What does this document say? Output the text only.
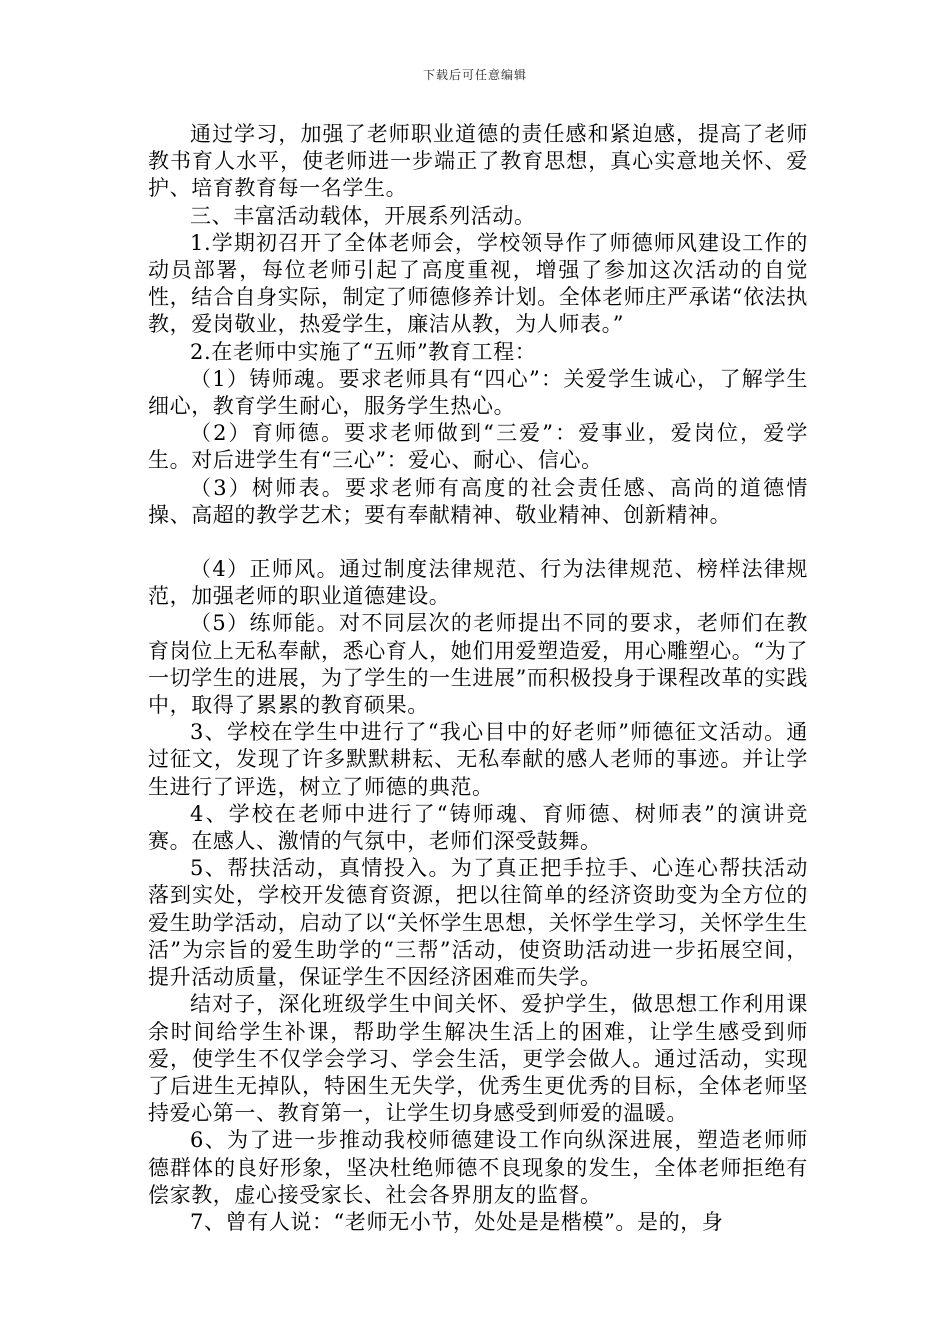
下载后可任意编辑

通过学习，加强了老师职业道德的责任感和紧迫感，提高了老师教书育人水平，使老师进一步端正了教育思想，真心实意地关怀、爱护、培育教育每一名学生。

三、丰富活动载体，开展系列活动。

1.学期初召开了全体老师会，学校领导作了师德师风建设工作的动员部署，每位老师引起了高度重视，增强了参加这次活动的自觉性，结合自身实际，制定了师德修养计划。全体老师庄严承诺“依法执教，爱岗敬业，热爱学生，廉洁从教，为人师表。”

2.在老师中实施了“五师”教育工程：

（1）铸师魂。要求老师具有“四心”：关爱学生诚心，了解学生细心，教育学生耐心，服务学生热心。

（2）育师德。要求老师做到“三爱”：爱事业，爱岗位，爱学生。对后进学生有“三心”：爱心、耐心、信心。

（3）树师表。要求老师有高度的社会责任感、高尚的道德情操、高超的教学艺术；要有奉献精神、敬业精神、创新精神。

（4）正师风。通过制度法律规范、行为法律规范、榜样法律规范，加强老师的职业道德建设。

（5）练师能。对不同层次的老师提出不同的要求，老师们在教育岗位上无私奉献，悉心育人，她们用爱塑造爱，用心雕塑心。“为了一切学生的进展，为了学生的一生进展”而积极投身于课程改革的实践中，取得了累累的教育硕果。

3、学校在学生中进行了“我心目中的好老师”师德征文活动。通过征文，发现了许多默默耕耘、无私奉献的感人老师的事迹。并让学生进行了评选，树立了师德的典范。

4、学校在老师中进行了“铸师魂、育师德、树师表”的演讲竞赛。在感人、激情的气氛中，老师们深受鼓舞。

5、帮扶活动，真情投入。为了真正把手拉手、心连心帮扶活动落到实处，学校开发德育资源，把以往简单的经济资助变为全方位的爱生助学活动，启动了以“关怀学生思想，关怀学生学习，关怀学生生活”为宗旨的爱生助学的“三帮”活动，使资助活动进一步拓展空间，提升活动质量，保证学生不因经济困难而失学。

结对子，深化班级学生中间关怀、爱护学生，做思想工作利用课余时间给学生补课，帮助学生解决生活上的困难，让学生感受到师爱，使学生不仅学会学习、学会生活，更学会做人。通过活动，实现了后进生无掉队，特困生无失学，优秀生更优秀的目标，全体老师坚持爱心第一、教育第一，让学生切身感受到师爱的温暖。

6、为了进一步推动我校师德建设工作向纵深进展，塑造老师师德群体的良好形象，坚决杜绝师德不良现象的发生，全体老师拒绝有偿家教，虚心接受家长、社会各界朋友的监督。

7、曾有人说：“老师无小节，处处是是楷模”。是的，身
